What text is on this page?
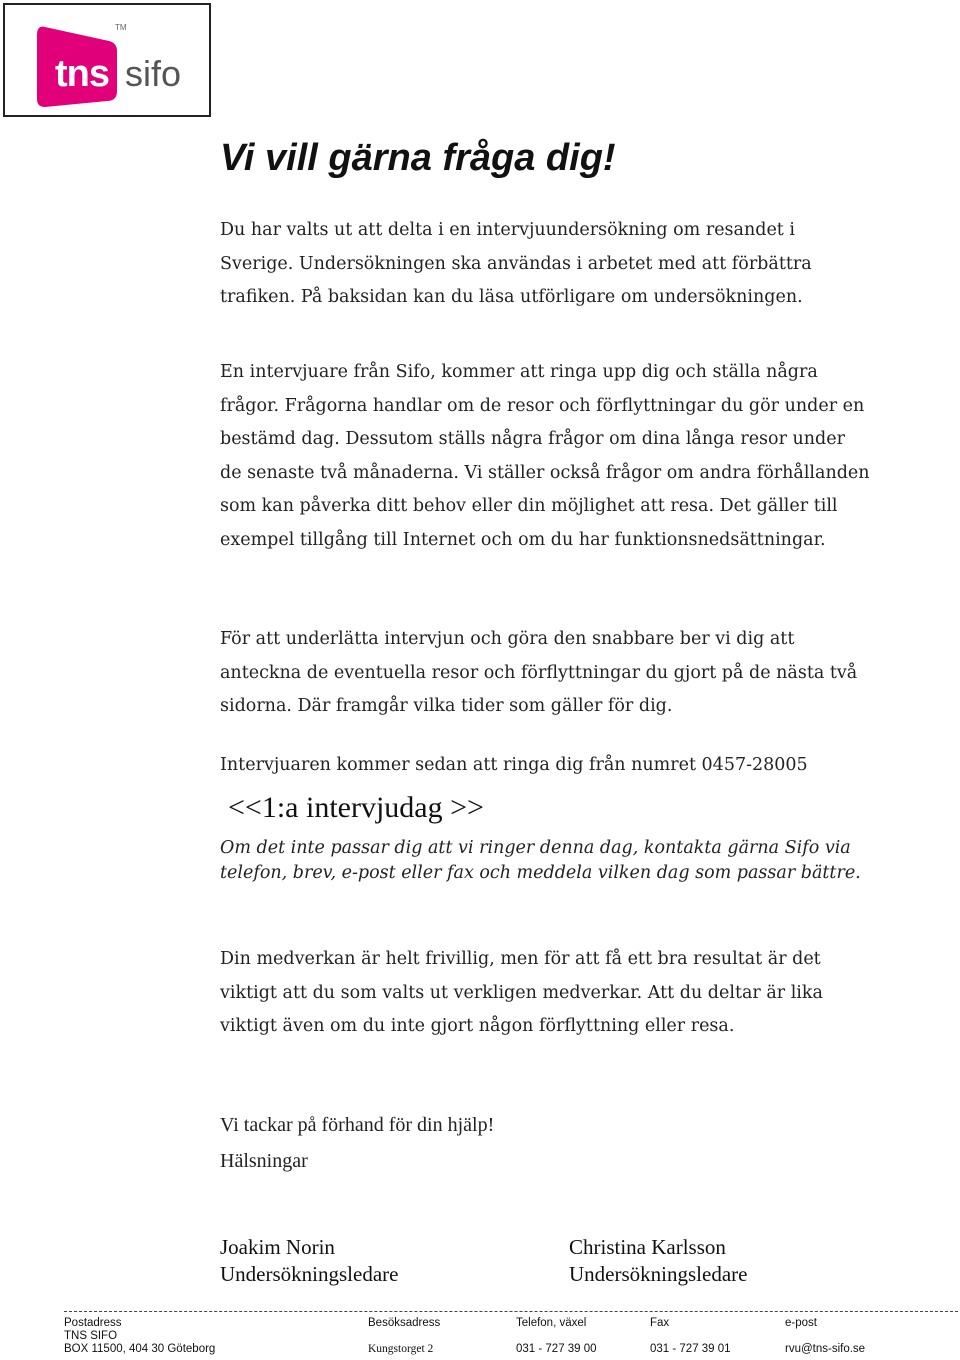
TM
tns sifo
Vi vill gärna fråga dig!

Du har valts ut att delta i en intervjuundersökning om resandet i Sverige. Undersökningen ska användas i arbetet med att förbättra trafiken. På baksidan kan du läsa utförligare om undersökningen.

En intervjuare från Sifo, kommer att ringa upp dig och ställa några frågor. Frågorna handlar om de resor och förflyttningar du gör under en bestämd dag. Dessutom ställs några frågor om dina långa resor under de senaste två månaderna. Vi ställer också frågor om andra förhållanden som kan påverka ditt behov eller din möjlighet att resa. Det gäller till exempel tillgång till Internet och om du har funktionsnedsättningar.

För att underlätta intervjun och göra den snabbare ber vi dig att anteckna de eventuella resor och förflyttningar du gjort på de nästa två sidorna. Där framgår vilka tider som gäller för dig.

Intervjuaren kommer sedan att ringa dig från numret 0457-28005

<<1:a intervjudag >>

Om det inte passar dig att vi ringer denna dag, kontakta gärna Sifo via telefon, brev, e-post eller fax och meddela vilken dag som passar bättre.

Din medverkan är helt frivillig, men för att få ett bra resultat är det viktigt att du som valts ut verkligen medverkar. Att du deltar är lika viktigt även om du inte gjort någon förflyttning eller resa.

Vi tackar på förhand för din hjälp!
Hälsningar

Joakim Norin
Undersökningsledare

Christina Karlsson
Undersökningsledare

Postadress
TNS SIFO
BOX 11500, 404 30 Göteborg
Besöksadress
Kungstorget 2
Telefon, växel
031 - 727 39 00
Fax
031 - 727 39 01
e-post
rvu@tns-sifo.se
